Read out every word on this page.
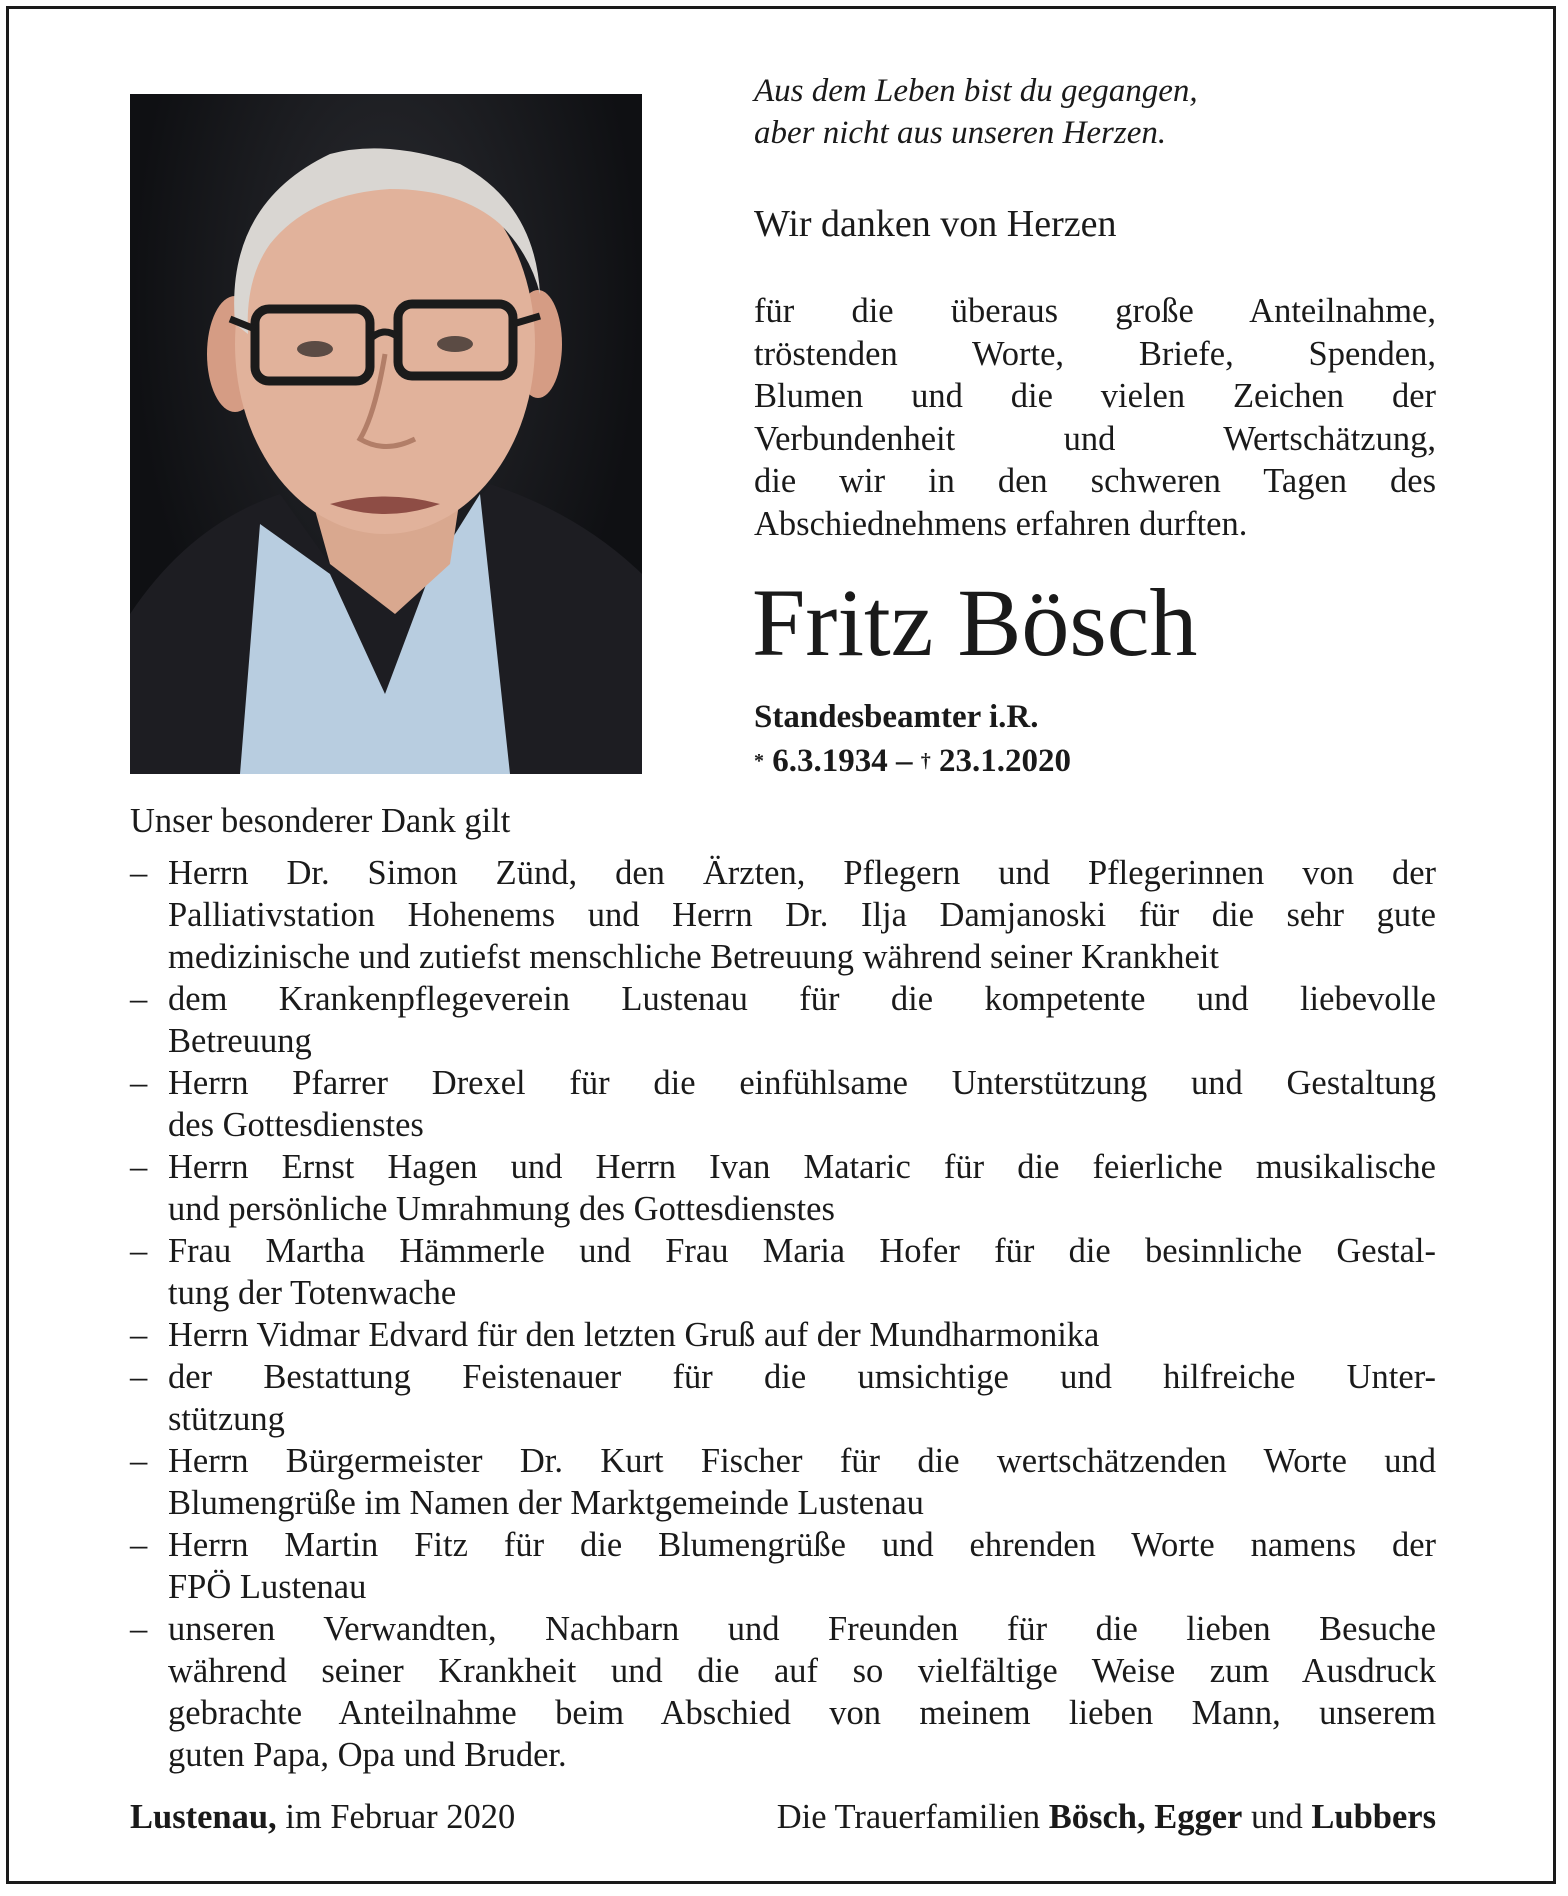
Aus dem Leben bist du gegangen,
aber nicht aus unseren Herzen.
Wir danken von Herzen
für die überaus große Anteilnahme,
tröstenden Worte, Briefe, Spenden,
Blumen und die vielen Zeichen der
Verbundenheit und Wertschätzung,
die wir in den schweren Tagen des
Abschiednehmens erfahren durften.
Fritz Bösch
Standesbeamter i.R.
* 6.3.1934 – † 23.1.2020
Unser besonderer Dank gilt
– Herrn Dr. Simon Zünd, den Ärzten, Pflegern und Pflegerinnen von der
Palliativstation Hohenems und Herrn Dr. Ilja Damjanoski für die sehr gute
medizinische und zutiefst menschliche Betreuung während seiner Krankheit
– dem Krankenpflegeverein Lustenau für die kompetente und liebevolle
Betreuung
– Herrn Pfarrer Drexel für die einfühlsame Unterstützung und Gestaltung
des Gottesdienstes
– Herrn Ernst Hagen und Herrn Ivan Mataric für die feierliche musikalische
und persönliche Umrahmung des Gottesdienstes
– Frau Martha Hämmerle und Frau Maria Hofer für die besinnliche Gestal-
tung der Totenwache
– Herrn Vidmar Edvard für den letzten Gruß auf der Mundharmonika
– der Bestattung Feistenauer für die umsichtige und hilfreiche Unter-
stützung
– Herrn Bürgermeister Dr. Kurt Fischer für die wertschätzenden Worte und
Blumengrüße im Namen der Marktgemeinde Lustenau
– Herrn Martin Fitz für die Blumengrüße und ehrenden Worte namens der
FPÖ Lustenau
– unseren Verwandten, Nachbarn und Freunden für die lieben Besuche
während seiner Krankheit und die auf so vielfältige Weise zum Ausdruck
gebrachte Anteilnahme beim Abschied von meinem lieben Mann, unserem
guten Papa, Opa und Bruder.
Lustenau, im Februar 2020	Die Trauerfamilien Bösch, Egger und Lubbers
